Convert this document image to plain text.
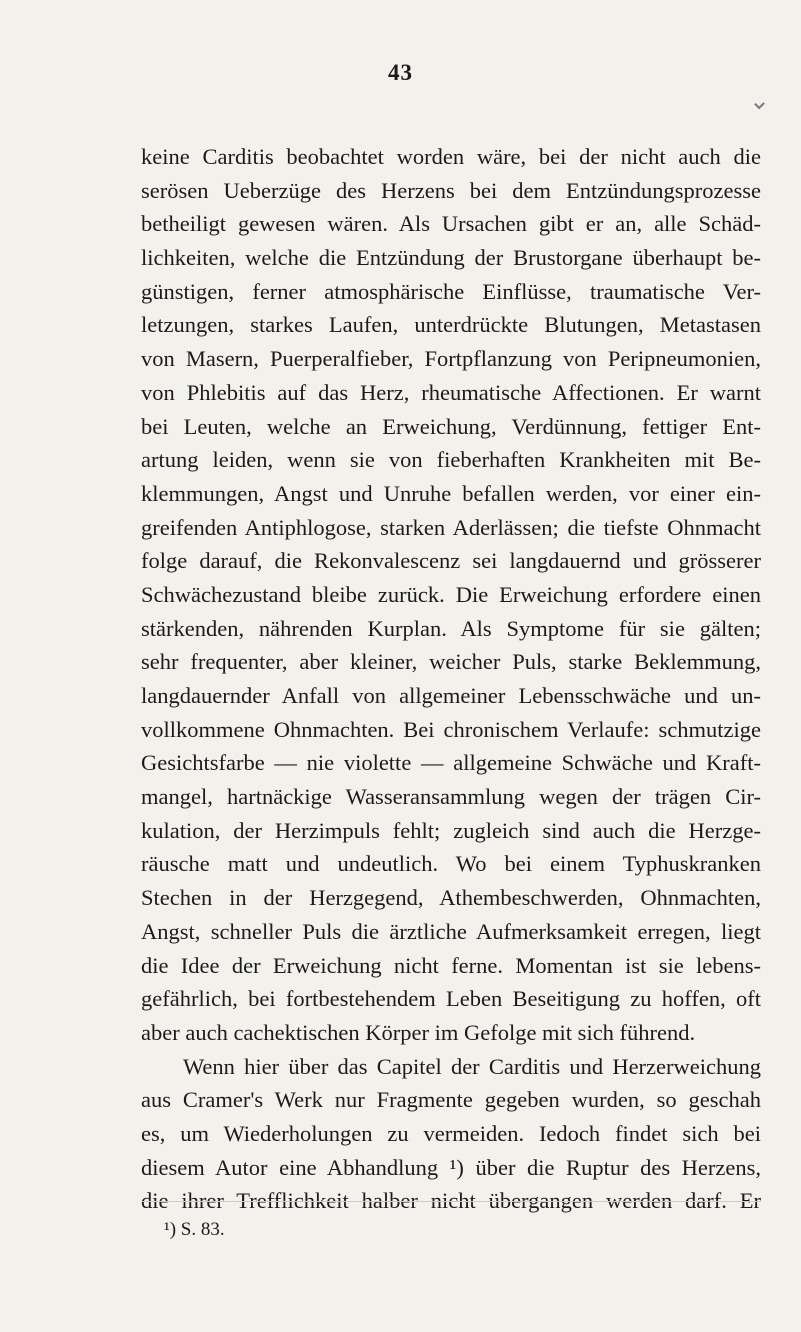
43
keine Carditis beobachtet worden wäre, bei der nicht auch die
serösen Ueberzüge des Herzens bei dem Entzündungsprozesse
betheiligt gewesen wären. Als Ursachen gibt er an, alle Schäd-
lichkeiten, welche die Entzündung der Brustorgane überhaupt be-
günstigen, ferner atmosphärische Einflüsse, traumatische Ver-
letzungen, starkes Laufen, unterdrückte Blutungen, Metastasen
von Masern, Puerperalfieber, Fortpflanzung von Peripneumonien,
von Phlebitis auf das Herz, rheumatische Affectionen. Er warnt
bei Leuten, welche an Erweichung, Verdünnung, fettiger Ent-
artung leiden, wenn sie von fieberhaften Krankheiten mit Be-
klemmungen, Angst und Unruhe befallen werden, vor einer ein-
greifenden Antiphlogose, starken Aderlässen; die tiefste Ohnmacht
folge darauf, die Rekonvalescenz sei langdauernd und grösserer
Schwächezustand bleibe zurück. Die Erweichung erfordere einen
stärkenden, nährenden Kurplan. Als Symptome für sie gälten;
sehr frequenter, aber kleiner, weicher Puls, starke Beklemmung,
langdauernder Anfall von allgemeiner Lebensschwäche und un-
vollkommene Ohnmachten. Bei chronischem Verlaufe: schmutzige
Gesichtsfarbe — nie violette — allgemeine Schwäche und Kraft-
mangel, hartnäckige Wasseransammlung wegen der trägen Cir-
kulation, der Herzimpuls fehlt; zugleich sind auch die Herzge-
räusche matt und undeutlich. Wo bei einem Typhuskranken
Stechen in der Herzgegend, Athembeschwerden, Ohnmachten,
Angst, schneller Puls die ärztliche Aufmerksamkeit erregen, liegt
die Idee der Erweichung nicht ferne. Momentan ist sie lebens-
gefährlich, bei fortbestehendem Leben Beseitigung zu hoffen, oft
aber auch cachektischen Körper im Gefolge mit sich führend.
Wenn hier über das Capitel der Carditis und Herzerweichung
aus Cramer's Werk nur Fragmente gegeben wurden, so geschah
es, um Wiederholungen zu vermeiden. Iedoch findet sich bei
diesem Autor eine Abhandlung ¹) über die Ruptur des Herzens,
die ihrer Trefflichkeit halber nicht übergangen werden darf. Er
¹) S. 83.
